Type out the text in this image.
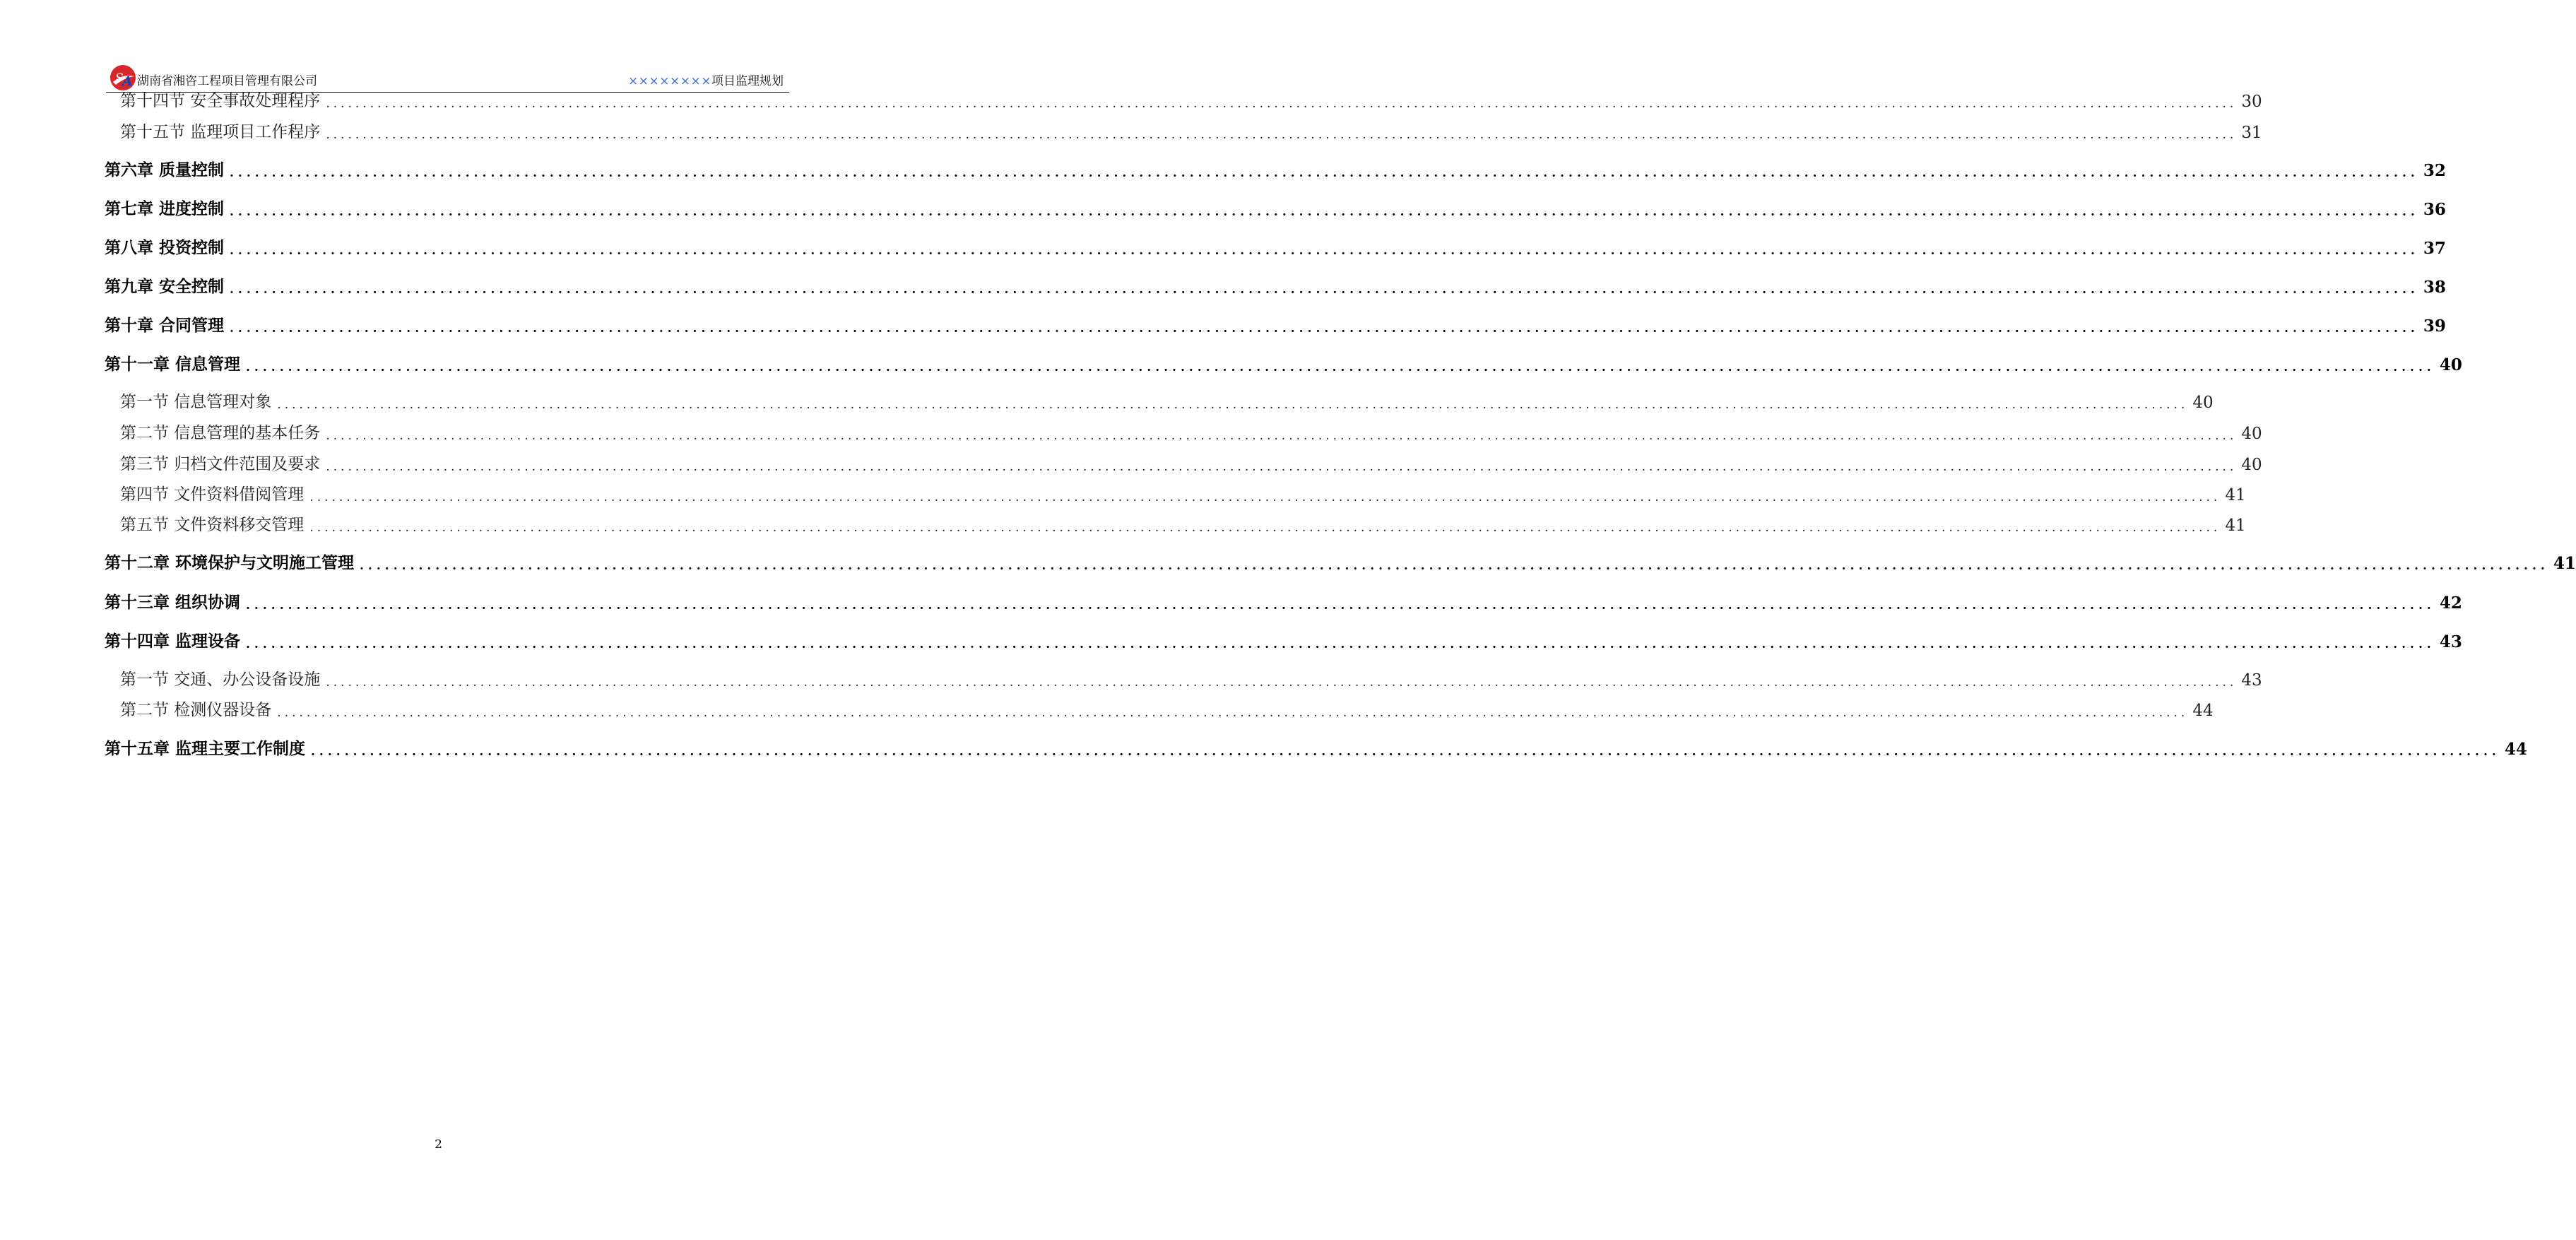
S
A 湖南省湘咨工程项目管理有限公司	××××××××项目监理规划
第十四节 安全事故处理程序 .................................................................................................................................................................................................................................................................... 30
第十五节 监理项目工作程序 .................................................................................................................................................................................................................................................................... 31
第六章 质量控制 .................................................................................................................................................................................................................................................................... 32
第七章 进度控制 .................................................................................................................................................................................................................................................................... 36
第八章 投资控制 .................................................................................................................................................................................................................................................................... 37
第九章 安全控制 .................................................................................................................................................................................................................................................................... 38
第十章 合同管理 .................................................................................................................................................................................................................................................................... 39
第十一章 信息管理 .................................................................................................................................................................................................................................................................... 40
第一节 信息管理对象 .................................................................................................................................................................................................................................................................... 40
第二节 信息管理的基本任务 .................................................................................................................................................................................................................................................................... 40
第三节 归档文件范围及要求 .................................................................................................................................................................................................................................................................... 40
第四节 文件资料借阅管理 .................................................................................................................................................................................................................................................................... 41
第五节 文件资料移交管理 .................................................................................................................................................................................................................................................................... 41
第十二章 环境保护与文明施工管理 .................................................................................................................................................................................................................................................................... 41
第十三章 组织协调 .................................................................................................................................................................................................................................................................... 42
第十四章 监理设备 .................................................................................................................................................................................................................................................................... 43
第一节 交通、办公设备设施 .................................................................................................................................................................................................................................................................... 43
第二节 检测仪器设备 .................................................................................................................................................................................................................................................................... 44
第十五章 监理主要工作制度 .................................................................................................................................................................................................................................................................... 44
2
